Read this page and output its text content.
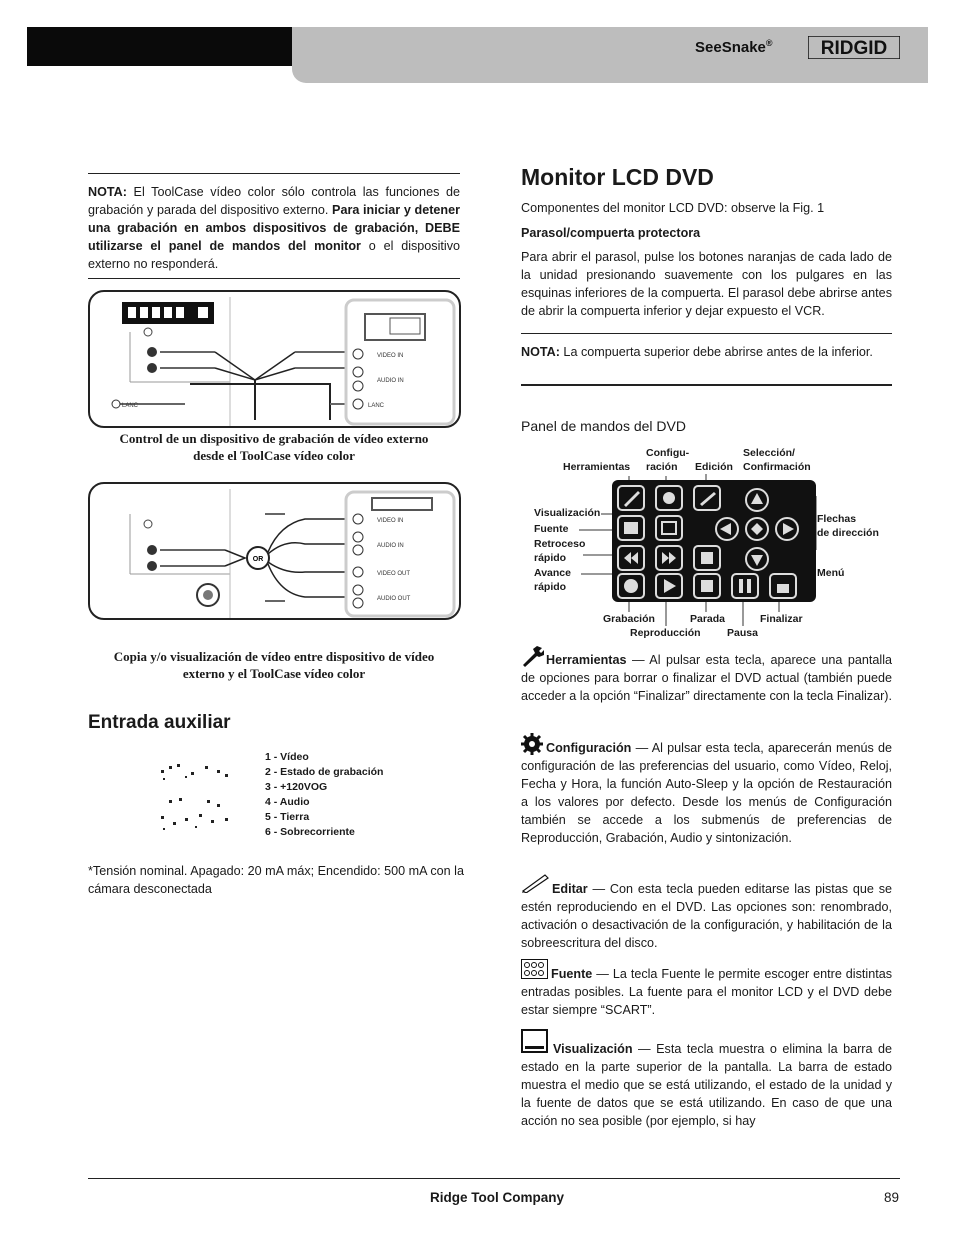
SeeSnake®	RIDGID
NOTA: El ToolCase vídeo color sólo controla las funciones de grabación y parada del dispositivo externo. Para iniciar y detener una grabación en ambos dispositivos de grabación, DEBE utilizarse el panel de mandos del monitor o el dispositivo externo no responderá.
VIDEO IN
AUDIO IN
LANC
LANC
Control de un dispositivo de grabación de vídeo externo
desde el ToolCase vídeo color
OR
VIDEO IN
AUDIO IN
VIDEO OUT
AUDIO OUT
Copia y/o visualización de vídeo entre dispositivo de vídeo
externo y el ToolCase vídeo color
Entrada auxiliar
1 - Vídeo
2 - Estado de grabación
3 - +120VOG
4 - Audio
5 - Tierra
6 - Sobrecorriente
*Tensión nominal. Apagado: 20 mA máx; Encendido: 500 mA con la cámara desconectada
Monitor LCD DVD
Componentes del monitor LCD DVD: observe la Fig. 1
Parasol/compuerta protectora
Para abrir el parasol, pulse los botones naranjas de cada lado de la unidad presionando suavemente con los pulgares en las esquinas inferiores de la compuerta. El parasol debe abrirse antes de abrir la compuerta inferior y dejar expuesto el VCR.
NOTA: La compuerta superior debe abrirse antes de la inferior.
Panel de mandos del DVD
Herramientas
Configu-
ración	Edición
Selección/
Confirmación
Visualización
Fuente
Retroceso
rápido
Avance
rápido
Flechas
de dirección
Menú
Grabación
Reproducción
Parada
Pausa
Finalizar
Herramientas — Al pulsar esta tecla, aparece una pantalla de opciones para borrar o finalizar el DVD actual (también puede acceder a la opción “Finalizar” directamente con la tecla Finalizar).
Configuración — Al pulsar esta tecla, aparecerán menús de configuración de las preferencias del usuario, como Vídeo, Reloj, Fecha y Hora, la función Auto-Sleep y la opción de Restauración a los valores por defecto. Desde los menús de Configuración también se accede a los submenús de preferencias de Reproducción, Grabación, Audio y sintonización.
Editar — Con esta tecla pueden editarse las pistas que se estén reproduciendo en el DVD. Las opciones son: renombrado, activación o desactivación de la configuración, y habilitación de la sobreescritura del disco.
Fuente — La tecla Fuente le permite escoger entre distintas entradas posibles. La fuente para el monitor LCD y el DVD debe estar siempre “SCART”.
Visualización — Esta tecla muestra o elimina la barra de estado en la parte superior de la pantalla. La barra de estado muestra el medio que se está utilizando, el estado de la unidad y la fuente de datos que se está utilizando. En caso de que una acción no sea posible (por ejemplo, si hay
Ridge Tool Company	89
